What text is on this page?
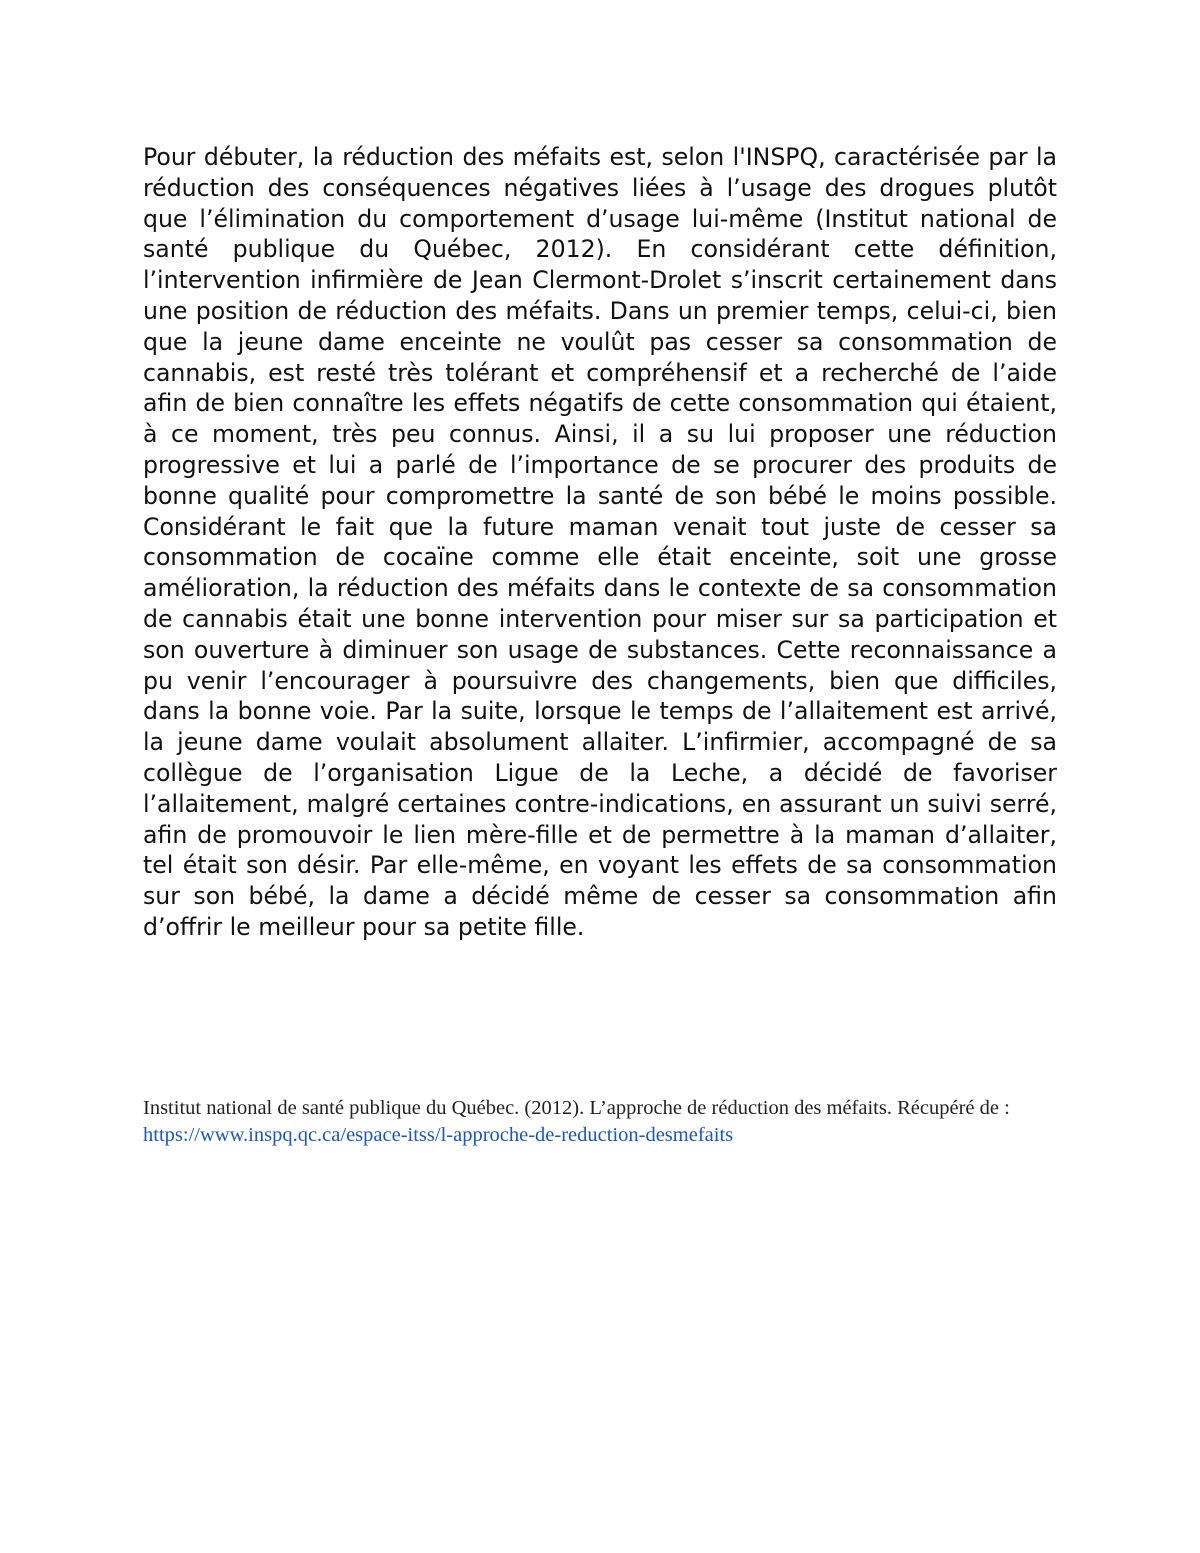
Pour débuter, la réduction des méfaits est, selon l'INSPQ, caractérisée par la réduction des conséquences négatives liées à l’usage des drogues plutôt que l’élimination du comportement d’usage lui-même (Institut national de santé publique du Québec, 2012). En considérant cette définition, l’intervention infirmière de Jean Clermont-Drolet s’inscrit certainement dans une position de réduction des méfaits. Dans un premier temps, celui-ci, bien que la jeune dame enceinte ne voulût pas cesser sa consommation de cannabis, est resté très tolérant et compréhensif et a recherché de l’aide afin de bien connaître les effets négatifs de cette consommation qui étaient, à ce moment, très peu connus. Ainsi, il a su lui proposer une réduction progressive et lui a parlé de l’importance de se procurer des produits de bonne qualité pour compromettre la santé de son bébé le moins possible. Considérant le fait que la future maman venait tout juste de cesser sa consommation de cocaïne comme elle était enceinte, soit une grosse amélioration, la réduction des méfaits dans le contexte de sa consommation de cannabis était une bonne intervention pour miser sur sa participation et son ouverture à diminuer son usage de substances. Cette reconnaissance a pu venir l’encourager à poursuivre des changements, bien que difficiles, dans la bonne voie. Par la suite, lorsque le temps de l’allaitement est arrivé, la jeune dame voulait absolument allaiter. L’infirmier, accompagné de sa collègue de l’organisation Ligue de la Leche, a décidé de favoriser l’allaitement, malgré certaines contre-indications, en assurant un suivi serré, afin de promouvoir le lien mère-fille et de permettre à la maman d’allaiter, tel était son désir. Par elle-même, en voyant les effets de sa consommation sur son bébé, la dame a décidé même de cesser sa consommation afin d’offrir le meilleur pour sa petite fille.

Institut national de santé publique du Québec. (2012). L’approche de réduction des méfaits. Récupéré de : https://www.inspq.qc.ca/espace-itss/l-approche-de-reduction-desmefaits
